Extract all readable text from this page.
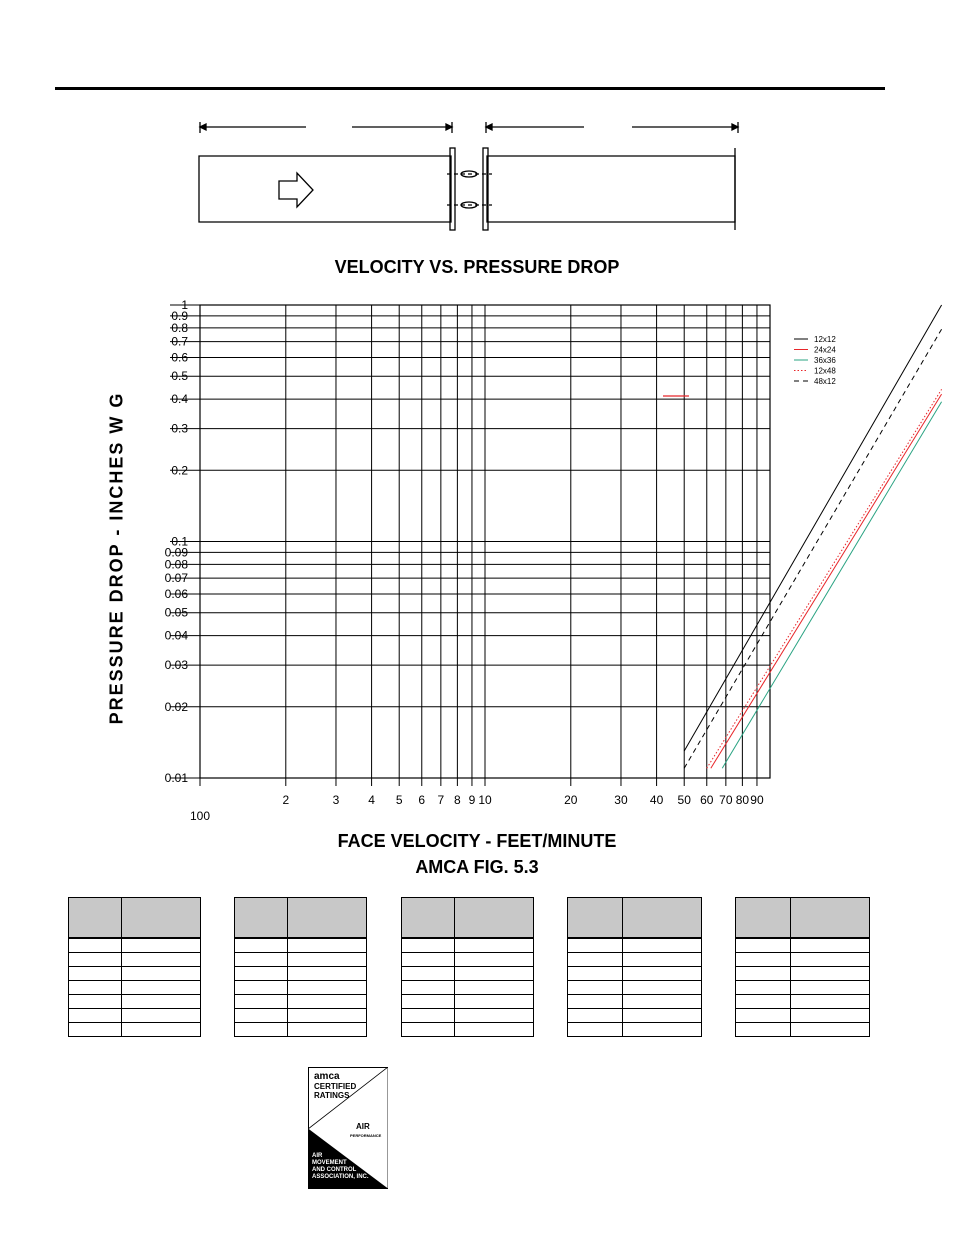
1
0.9
0.8
0.7
0.6
0.5
0.4
0.3
0.2
0.1
0.09
0.08
0.07
0.06
0.05
0.04
0.03
0.02
0.01
2	3 4 5 6 7 8 9 10	20	30 40 50 60 70 80 90
100
12x12
24x24
36x36
12x48
48x12
VELOCITY VS. PRESSURE DROP
PRESSURE DROP - INCHES W G
FACE VELOCITY - FEET/MINUTE
AMCA FIG. 5.3

amca
CERTIFIED
RATINGS
AIR
PERFORMANCE
AIR
MOVEMENT
AND CONTROL
ASSOCIATION, INC.
